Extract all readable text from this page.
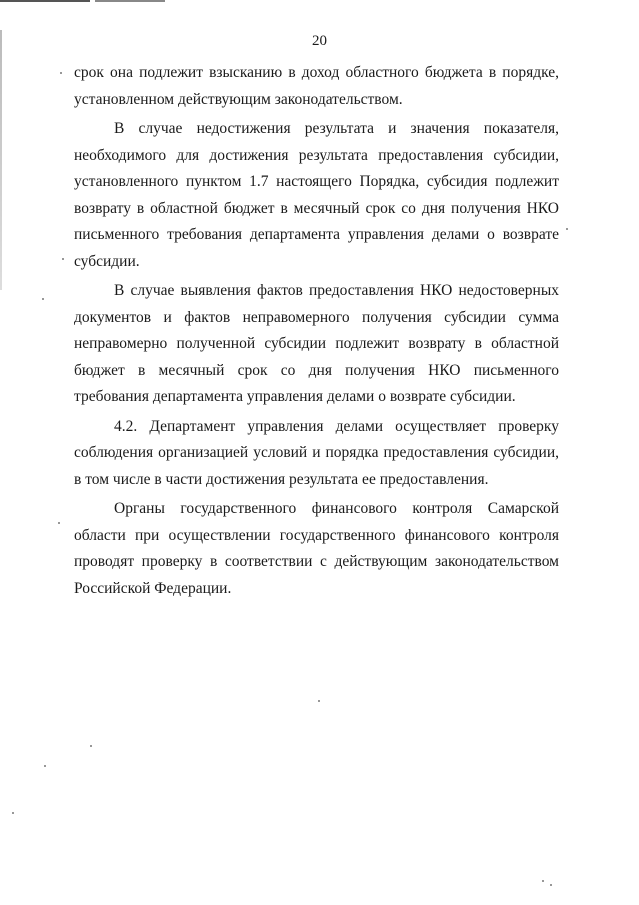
20

срок она подлежит взысканию в доход областного бюджета в порядке, установленном действующим законодательством.

В случае недостижения результата и значения показателя, необходимого для достижения результата предоставления субсидии, установленного пунктом 1.7 настоящего Порядка, субсидия подлежит возврату в областной бюджет в месячный срок со дня получения НКО письменного требования департамента управления делами о возврате субсидии.

В случае выявления фактов предоставления НКО недостоверных документов и фактов неправомерного получения субсидии сумма неправомерно полученной субсидии подлежит возврату в областной бюджет в месячный срок со дня получения НКО письменного требования департамента управления делами о возврате субсидии.

4.2. Департамент управления делами осуществляет проверку соблюдения организацией условий и порядка предоставления субсидии, в том числе в части достижения результата ее предоставления.

Органы государственного финансового контроля Самарской области при осуществлении государственного финансового контроля проводят проверку в соответствии с действующим законодательством Российской Федерации.
